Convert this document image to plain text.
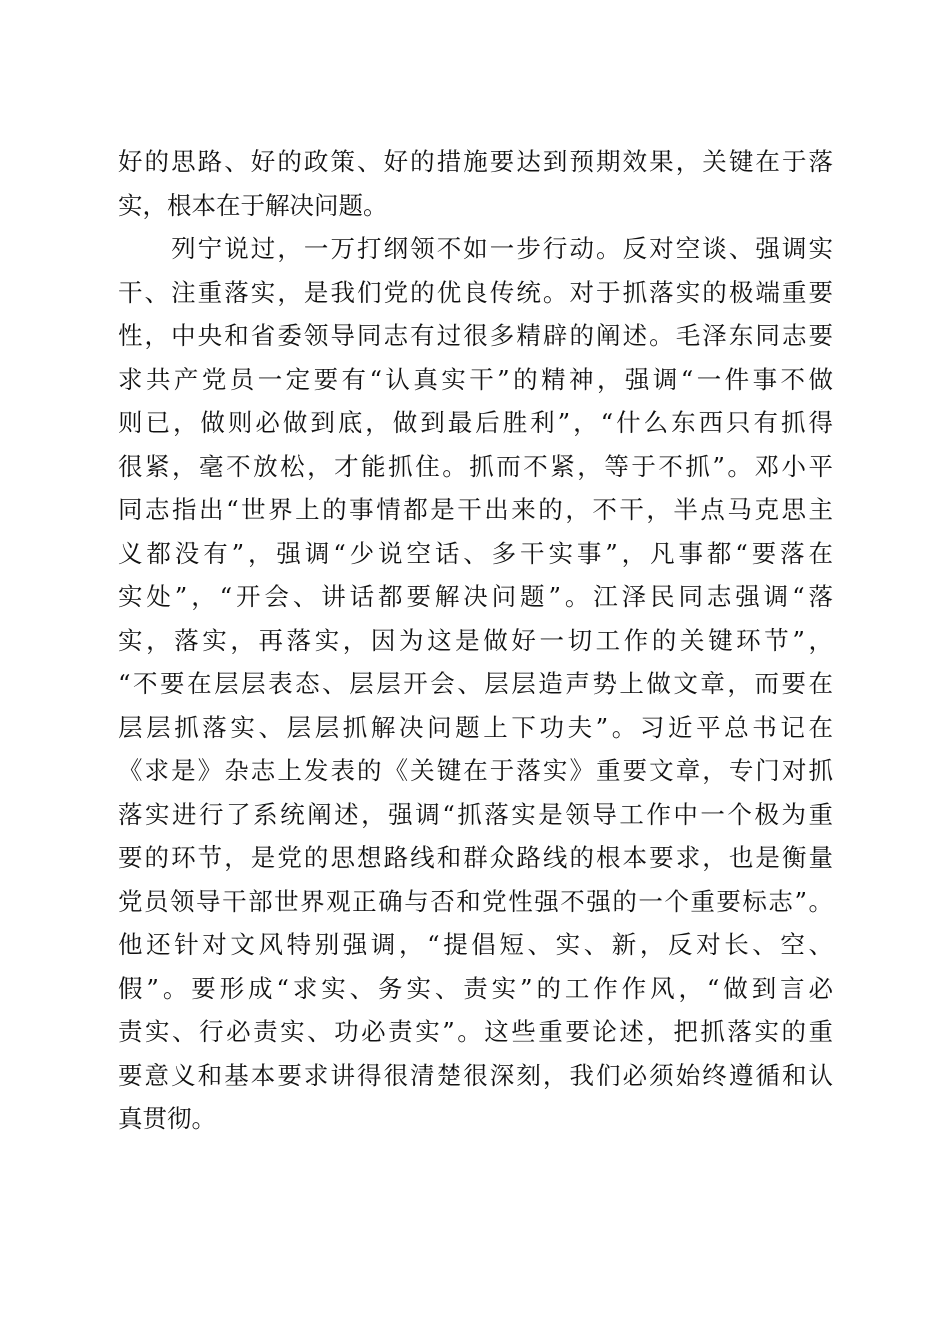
好的思路、好的政策、好的措施要达到预期效果，关键在于落
实，根本在于解决问题。
　　列宁说过，一万打纲领不如一步行动。反对空谈、强调实
干、注重落实，是我们党的优良传统。对于抓落实的极端重要
性，中央和省委领导同志有过很多精辟的阐述。毛泽东同志要
求共产党员一定要有“认真实干”的精神，强调“一件事不做
则已，做则必做到底，做到最后胜利”，“什么东西只有抓得
很紧，毫不放松，才能抓住。抓而不紧，等于不抓”。邓小平
同志指出“世界上的事情都是干出来的，不干，半点马克思主
义都没有”，强调“少说空话、多干实事”，凡事都“要落在
实处”，“开会、讲话都要解决问题”。江泽民同志强调“落
实，落实，再落实，因为这是做好一切工作的关键环节”，
“不要在层层表态、层层开会、层层造声势上做文章，而要在
层层抓落实、层层抓解决问题上下功夫”。习近平总书记在
《求是》杂志上发表的《关键在于落实》重要文章，专门对抓
落实进行了系统阐述，强调“抓落实是领导工作中一个极为重
要的环节，是党的思想路线和群众路线的根本要求，也是衡量
党员领导干部世界观正确与否和党性强不强的一个重要标志”。
他还针对文风特别强调，“提倡短、实、新，反对长、空、
假”。要形成“求实、务实、责实”的工作作风，“做到言必
责实、行必责实、功必责实”。这些重要论述，把抓落实的重
要意义和基本要求讲得很清楚很深刻，我们必须始终遵循和认
真贯彻。
